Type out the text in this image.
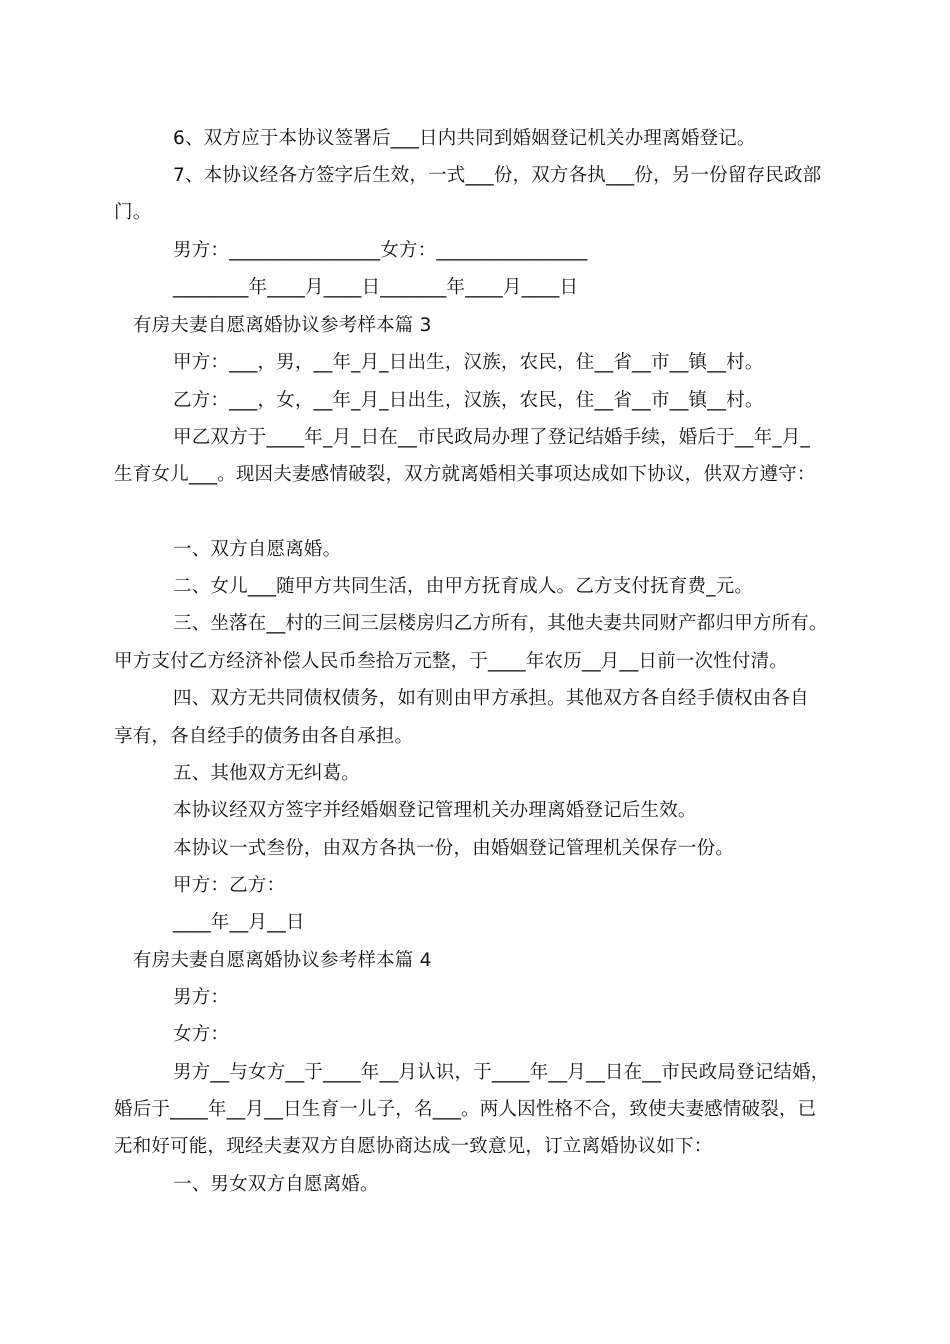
6、双方应于本协议签署后___日内共同到婚姻登记机关办理离婚登记。
7、本协议经各方签字后生效，一式___份，双方各执___份，另一份留存民政部
门。
男方：________________女方：________________
________年____月____日_______年____月____日
有房夫妻自愿离婚协议参考样本篇 3
甲方：___，男，__年_月_日出生，汉族，农民，住__省__市__镇__村。
乙方：___，女，__年_月_日出生，汉族，农民，住__省__市__镇__村。
甲乙双方于____年_月_日在__市民政局办理了登记结婚手续，婚后于__年_月_
生育女儿___。现因夫妻感情破裂，双方就离婚相关事项达成如下协议，供双方遵守：
一、双方自愿离婚。
二、女儿___随甲方共同生活，由甲方抚育成人。乙方支付抚育费_元。
三、坐落在__村的三间三层楼房归乙方所有，其他夫妻共同财产都归甲方所有。
甲方支付乙方经济补偿人民币叁拾万元整，于____年农历__月__日前一次性付清。
四、双方无共同债权债务，如有则由甲方承担。其他双方各自经手债权由各自
享有，各自经手的债务由各自承担。
五、其他双方无纠葛。
本协议经双方签字并经婚姻登记管理机关办理离婚登记后生效。
本协议一式叁份，由双方各执一份，由婚姻登记管理机关保存一份。
甲方：乙方：
____年__月__日
有房夫妻自愿离婚协议参考样本篇 4
男方：
女方：
男方__与女方__于____年__月认识，于____年__月__日在__市民政局登记结婚，
婚后于____年__月__日生育一儿子，名___。两人因性格不合，致使夫妻感情破裂，已
无和好可能，现经夫妻双方自愿协商达成一致意见，订立离婚协议如下：
一、男女双方自愿离婚。
